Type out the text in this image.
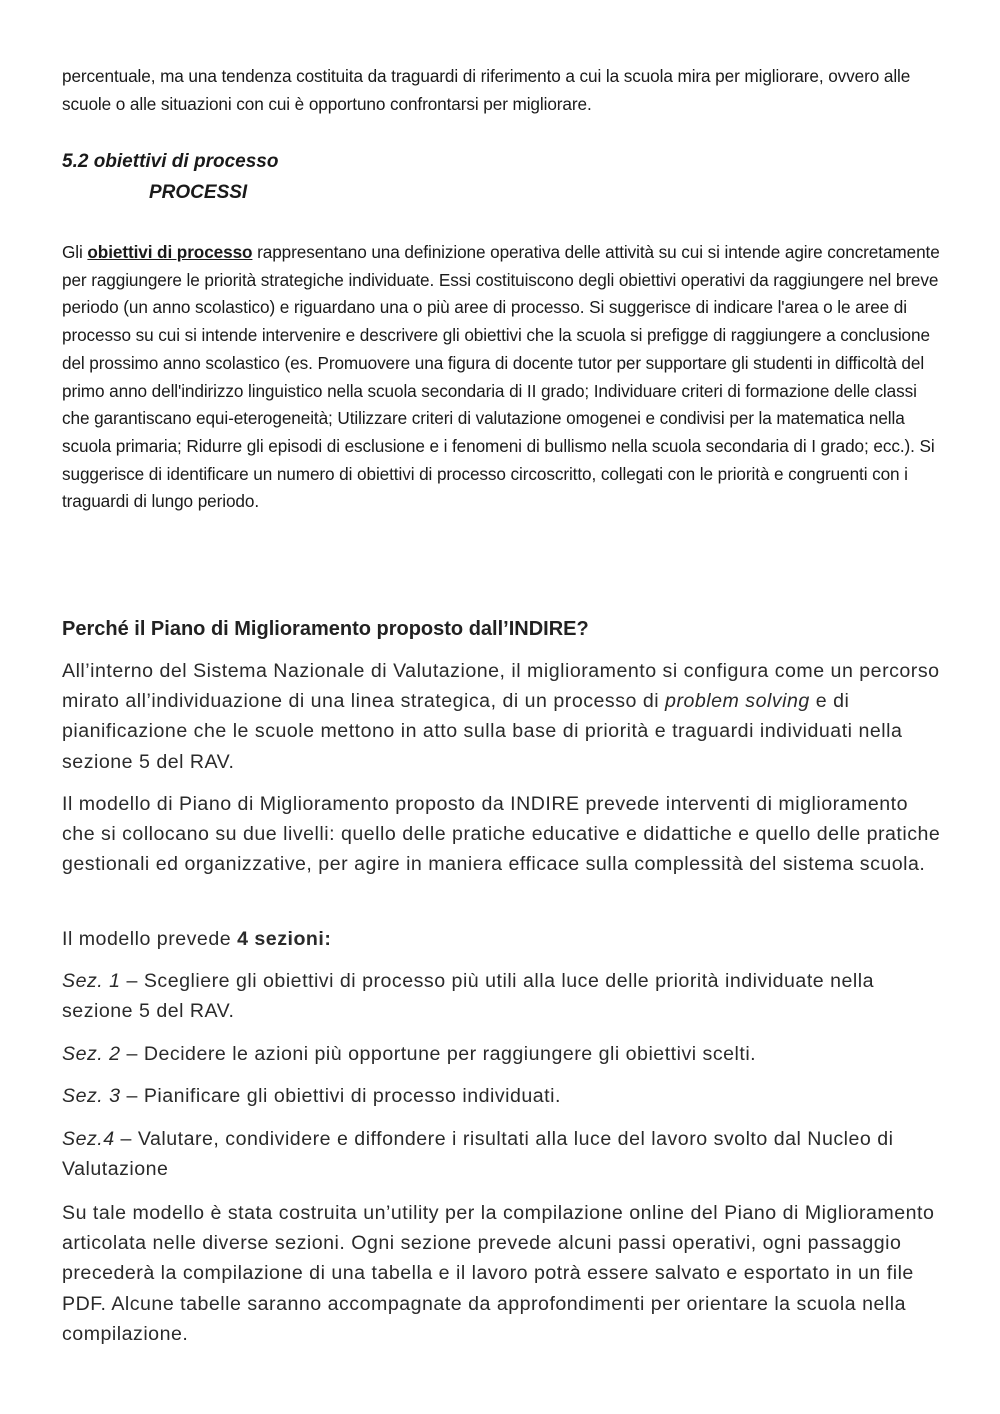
percentuale, ma una tendenza costituita da traguardi di riferimento a cui la scuola mira per migliorare, ovvero alle scuole o alle situazioni con cui è opportuno confrontarsi per migliorare.

5.2 obiettivi di processo
PROCESSI

Gli obiettivi di processo rappresentano una definizione operativa delle attività su cui si intende agire concretamente per raggiungere le priorità strategiche individuate. Essi costituiscono degli obiettivi operativi da raggiungere nel breve periodo (un anno scolastico) e riguardano una o più aree di processo. Si suggerisce di indicare l'area o le aree di processo su cui si intende intervenire e descrivere gli obiettivi che la scuola si prefigge di raggiungere a conclusione del prossimo anno scolastico (es. Promuovere una figura di docente tutor per supportare gli studenti in difficoltà del primo anno dell'indirizzo linguistico nella scuola secondaria di II grado; Individuare criteri di formazione delle classi che garantiscano equi-eterogeneità; Utilizzare criteri di valutazione omogenei e condivisi per la matematica nella scuola primaria; Ridurre gli episodi di esclusione e i fenomeni di bullismo nella scuola secondaria di I grado; ecc.). Si suggerisce di identificare un numero di obiettivi di processo circoscritto, collegati con le priorità e congruenti con i traguardi di lungo periodo.

Perché il Piano di Miglioramento proposto dall’INDIRE?

All’interno del Sistema Nazionale di Valutazione, il miglioramento si configura come un percorso mirato all’individuazione di una linea strategica, di un processo di problem solving e di pianificazione che le scuole mettono in atto sulla base di priorità e traguardi individuati nella sezione 5 del RAV.

Il modello di Piano di Miglioramento proposto da INDIRE prevede interventi di miglioramento che si collocano su due livelli: quello delle pratiche educative e didattiche e quello delle pratiche gestionali ed organizzative, per agire in maniera efficace sulla complessità del sistema scuola.

Il modello prevede 4 sezioni:

Sez. 1 – Scegliere gli obiettivi di processo più utili alla luce delle priorità individuate nella sezione 5 del RAV.

Sez. 2 – Decidere le azioni più opportune per raggiungere gli obiettivi scelti.

Sez. 3 – Pianificare gli obiettivi di processo individuati.

Sez.4 – Valutare, condividere e diffondere i risultati alla luce del lavoro svolto dal Nucleo di Valutazione

Su tale modello è stata costruita un’utility per la compilazione online del Piano di Miglioramento articolata nelle diverse sezioni. Ogni sezione prevede alcuni passi operativi, ogni passaggio precederà la compilazione di una tabella e il lavoro potrà essere salvato e esportato in un file PDF. Alcune tabelle saranno accompagnate da approfondimenti per orientare la scuola nella compilazione.
